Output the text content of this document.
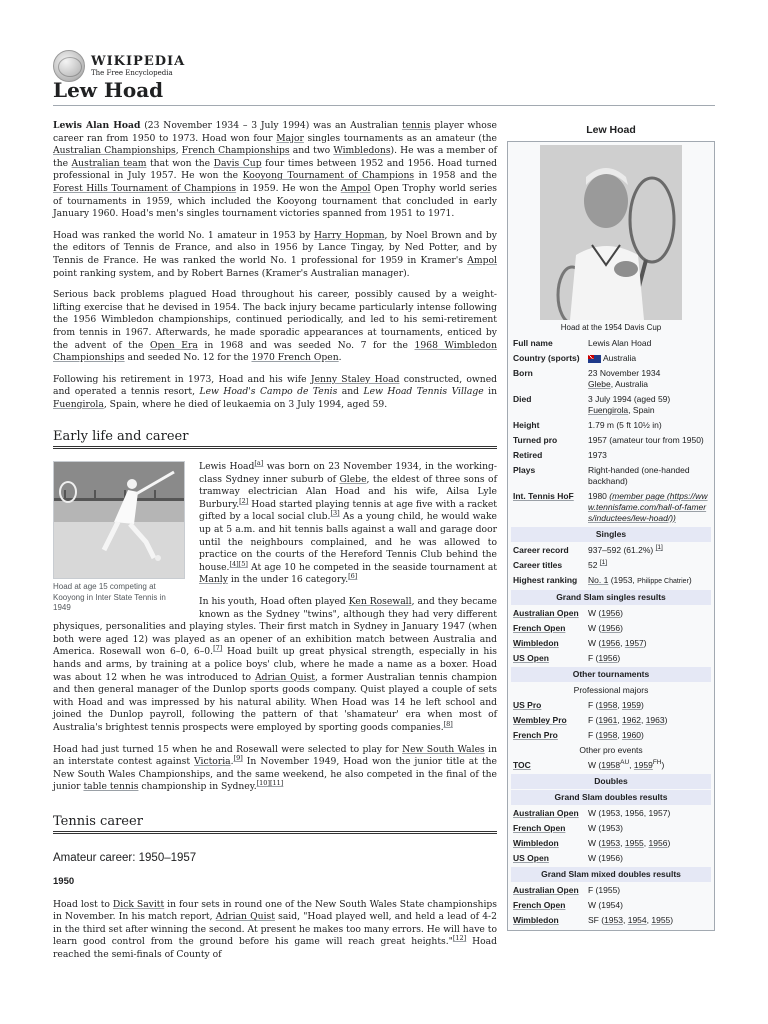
WIKIPEDIA
The Free Encyclopedia
Lew Hoad

Lewis Alan Hoad (23 November 1934 – 3 July 1994) was an Australian tennis player whose career ran from 1950 to 1973. Hoad won four Major singles tournaments as an amateur (the Australian Championships, French Championships and two Wimbledons). He was a member of the Australian team that won the Davis Cup four times between 1952 and 1956. Hoad turned professional in July 1957. He won the Kooyong Tournament of Champions in 1958 and the Forest Hills Tournament of Champions in 1959. He won the Ampol Open Trophy world series of tournaments in 1959, which included the Kooyong tournament that concluded in early January 1960. Hoad's men's singles tournament victories spanned from 1951 to 1971.

Hoad was ranked the world No. 1 amateur in 1953 by Harry Hopman, by Noel Brown and by the editors of Tennis de France, and also in 1956 by Lance Tingay, by Ned Potter, and by Tennis de France. He was ranked the world No. 1 professional for 1959 in Kramer's Ampol point ranking system, and by Robert Barnes (Kramer's Australian manager).

Serious back problems plagued Hoad throughout his career, possibly caused by a weight-lifting exercise that he devised in 1954. The back injury became particularly intense following the 1956 Wimbledon championships, continued periodically, and led to his semi-retirement from tennis in 1967. Afterwards, he made sporadic appearances at tournaments, enticed by the advent of the Open Era in 1968 and was seeded No. 7 for the 1968 Wimbledon Championships and seeded No. 12 for the 1970 French Open.

Following his retirement in 1973, Hoad and his wife Jenny Staley Hoad constructed, owned and operated a tennis resort, Lew Hoad's Campo de Tenis and Lew Hoad Tennis Village in Fuengirola, Spain, where he died of leukaemia on 3 July 1994, aged 59.

Early life and career
Hoad at age 15 competing at Kooyong in Inter State Tennis in 1949

Lewis Hoad[a] was born on 23 November 1934, in the working-class Sydney inner suburb of Glebe, the eldest of three sons of tramway electrician Alan Hoad and his wife, Ailsa Lyle Burbury.[2] Hoad started playing tennis at age five with a racket gifted by a local social club.[3] As a young child, he would wake up at 5 a.m. and hit tennis balls against a wall and garage door until the neighbours complained, and he was allowed to practice on the courts of the Hereford Tennis Club behind the house.[4][5] At age 10 he competed in the seaside tournament at Manly in the under 16 category.[6]

In his youth, Hoad often played Ken Rosewall, and they became known as the Sydney "twins", although they had very different physiques, personalities and playing styles. Their first match in Sydney in January 1947 (when both were aged 12) was played as an opener of an exhibition match between Australia and America. Rosewall won 6–0, 6–0.[7] Hoad built up great physical strength, especially in his hands and arms, by training at a police boys' club, where he made a name as a boxer. Hoad was about 12 when he was introduced to Adrian Quist, a former Australian tennis champion and then general manager of the Dunlop sports goods company. Quist played a couple of sets with Hoad and was impressed by his natural ability. When Hoad was 14 he left school and joined the Dunlop payroll, following the pattern of that 'shamateur' era when most of Australia's brightest tennis prospects were employed by sporting goods companies.[8]

Hoad had just turned 15 when he and Rosewall were selected to play for New South Wales in an interstate contest against Victoria.[9] In November 1949, Hoad won the junior title at the New South Wales Championships, and the same weekend, he also competed in the final of the junior table tennis championship in Sydney.[10][11]

Tennis career
Amateur career: 1950–1957
1950

Hoad lost to Dick Savitt in four sets in round one of the New South Wales State championships in November. In his match report, Adrian Quist said, "Hoad played well, and held a lead of 4-2 in the third set after winning the second. At present he makes too many errors. He will have to learn good control from the ground before his game will reach great heights."[12] Hoad reached the semi-finals of County of

Lew Hoad
Hoad at the 1954 Davis Cup
Full name	Lewis Alan Hoad
Country (sports)	Australia
Born	23 November 1934
Glebe, Australia
Died	3 July 1994 (aged 59)
Fuengirola, Spain
Height	1.79 m (5 ft 10½ in)
Turned pro	1957 (amateur tour from 1950)
Retired	1973
Plays	Right-handed (one-handed backhand)
Int. Tennis HoF	1980 (member page (https://www.tennisfame.com/hall-of-famers/inductees/lew-hoad/))
Singles
Career record	937–592 (61.2%) [1]
Career titles	52 [1]
Highest ranking	No. 1 (1953, Philippe Chatrier)
Grand Slam singles results
Australian Open	W (1956)
French Open	W (1956)
Wimbledon	W (1956, 1957)
US Open	F (1956)
Other tournaments
Professional majors
US Pro	F (1958, 1959)
Wembley Pro	F (1961, 1962, 1963)
French Pro	F (1958, 1960)
Other pro events
TOC	W ($1958^{AU}$, $1959^{FH}$)
Doubles
Grand Slam doubles results
Australian Open	W (1953, 1956, 1957)
French Open	W (1953)
Wimbledon	W (1953, 1955, 1956)
US Open	W (1956)
Grand Slam mixed doubles results
Australian Open	F (1955)
French Open	W (1954)
Wimbledon	SF (1953, 1954, 1955)
